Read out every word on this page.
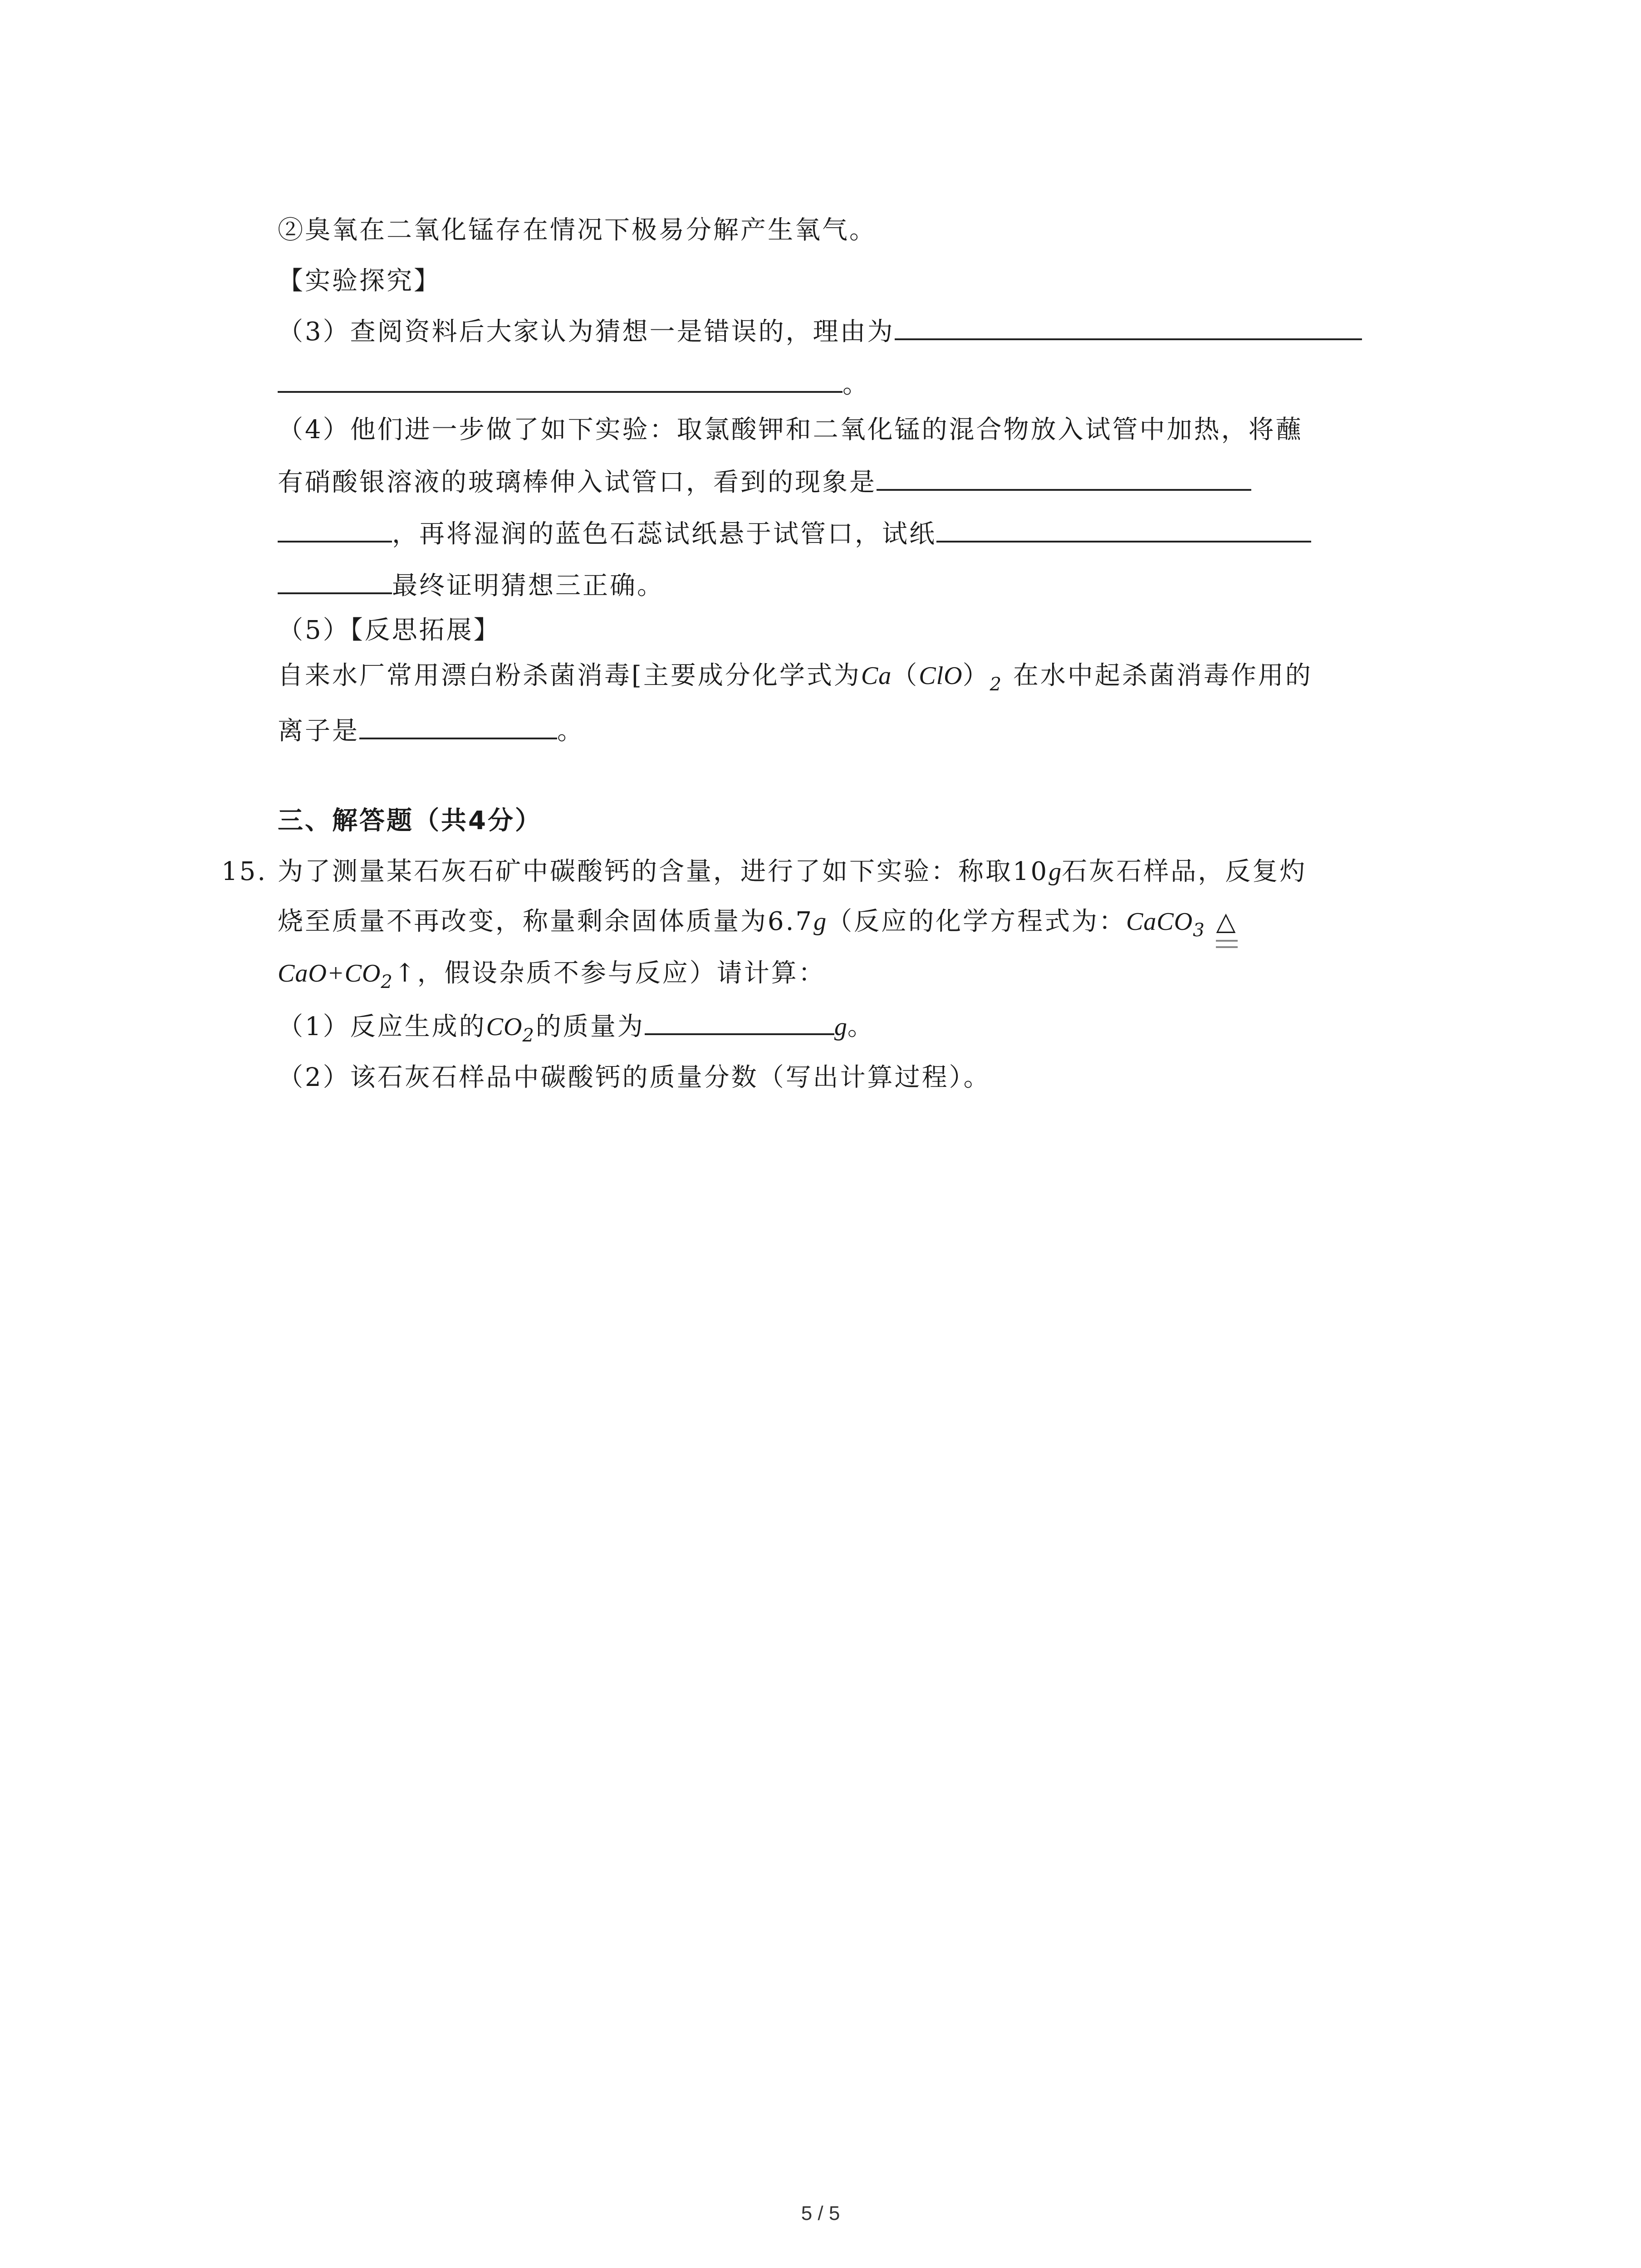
②臭氧在二氧化锰存在情况下极易分解产生氧气。
【实验探究】
（3）查阅资料后大家认为猜想一是错误的，理由为
。
（4）他们进一步做了如下实验：取氯酸钾和二氧化锰的混合物放入试管中加热，将蘸
有硝酸银溶液的玻璃棒伸入试管口，看到的现象是
，再将湿润的蓝色石蕊试纸悬于试管口，试纸
最终证明猜想三正确。
（5）【反思拓展】
自来水厂常用漂白粉杀菌消毒[主要成分化学式为$Ca(ClO)_2$ 在水中起杀菌消毒作用的
离子是	。
三、解答题（共4分）
15. 为了测量某石灰石矿中碳酸钙的含量，进行了如下实验：称取10g石灰石样品，反复灼
烧至质量不再改变，称量剩余固体质量为6.7g（反应的化学方程式为：CaCO$_3$ △
$CaO+CO_2↑$，假设杂质不参与反应）请计算：
（1）反应生成的$CO_2$的质量为	g。
（2）该石灰石样品中碳酸钙的质量分数（写出计算过程）。
5 / 5
